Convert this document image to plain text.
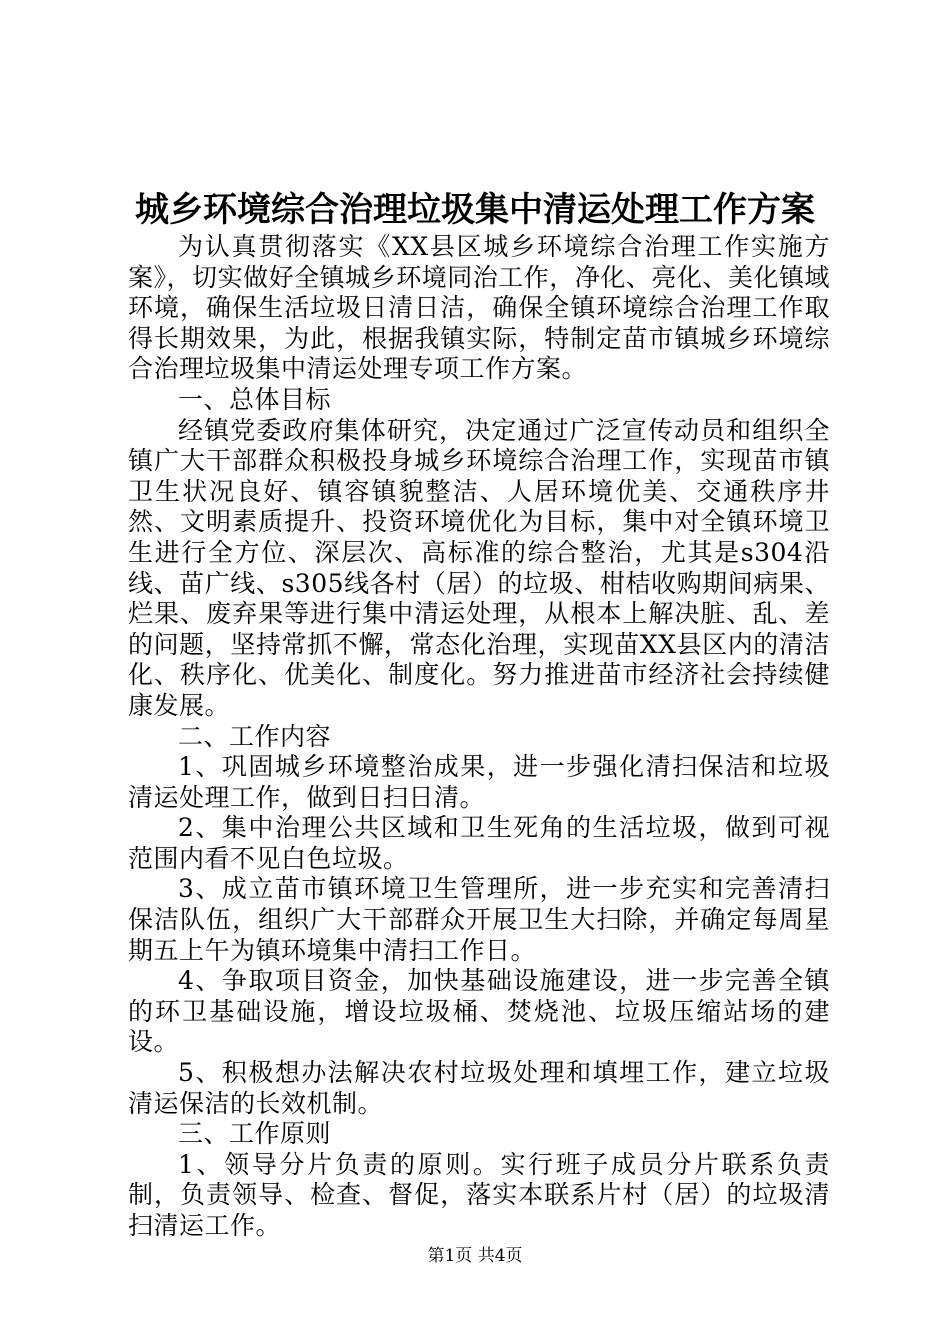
城乡环境综合治理垃圾集中清运处理工作方案

为认真贯彻落实《XX县区城乡环境综合治理工作实施方案》，切实做好全镇城乡环境同治工作，净化、亮化、美化镇域环境，确保生活垃圾日清日洁，确保全镇环境综合治理工作取得长期效果，为此，根据我镇实际，特制定苗市镇城乡环境综合治理垃圾集中清运处理专项工作方案。

一、总体目标

经镇党委政府集体研究，决定通过广泛宣传动员和组织全镇广大干部群众积极投身城乡环境综合治理工作，实现苗市镇卫生状况良好、镇容镇貌整洁、人居环境优美、交通秩序井然、文明素质提升、投资环境优化为目标，集中对全镇环境卫生进行全方位、深层次、高标准的综合整治，尤其是s304沿线、苗广线、s305线各村（居）的垃圾、柑桔收购期间病果、烂果、废弃果等进行集中清运处理，从根本上解决脏、乱、差的问题，坚持常抓不懈，常态化治理，实现苗XX县区内的清洁化、秩序化、优美化、制度化。努力推进苗市经济社会持续健康发展。

二、工作内容

1、巩固城乡环境整治成果，进一步强化清扫保洁和垃圾清运处理工作，做到日扫日清。

2、集中治理公共区域和卫生死角的生活垃圾，做到可视范围内看不见白色垃圾。

3、成立苗市镇环境卫生管理所，进一步充实和完善清扫保洁队伍，组织广大干部群众开展卫生大扫除，并确定每周星期五上午为镇环境集中清扫工作日。

4、争取项目资金，加快基础设施建设，进一步完善全镇的环卫基础设施，增设垃圾桶、焚烧池、垃圾压缩站场的建设。

5、积极想办法解决农村垃圾处理和填埋工作，建立垃圾清运保洁的长效机制。

三、工作原则

1、领导分片负责的原则。实行班子成员分片联系负责制，负责领导、检查、督促，落实本联系片村（居）的垃圾清扫清运工作。

第1页 共4页
